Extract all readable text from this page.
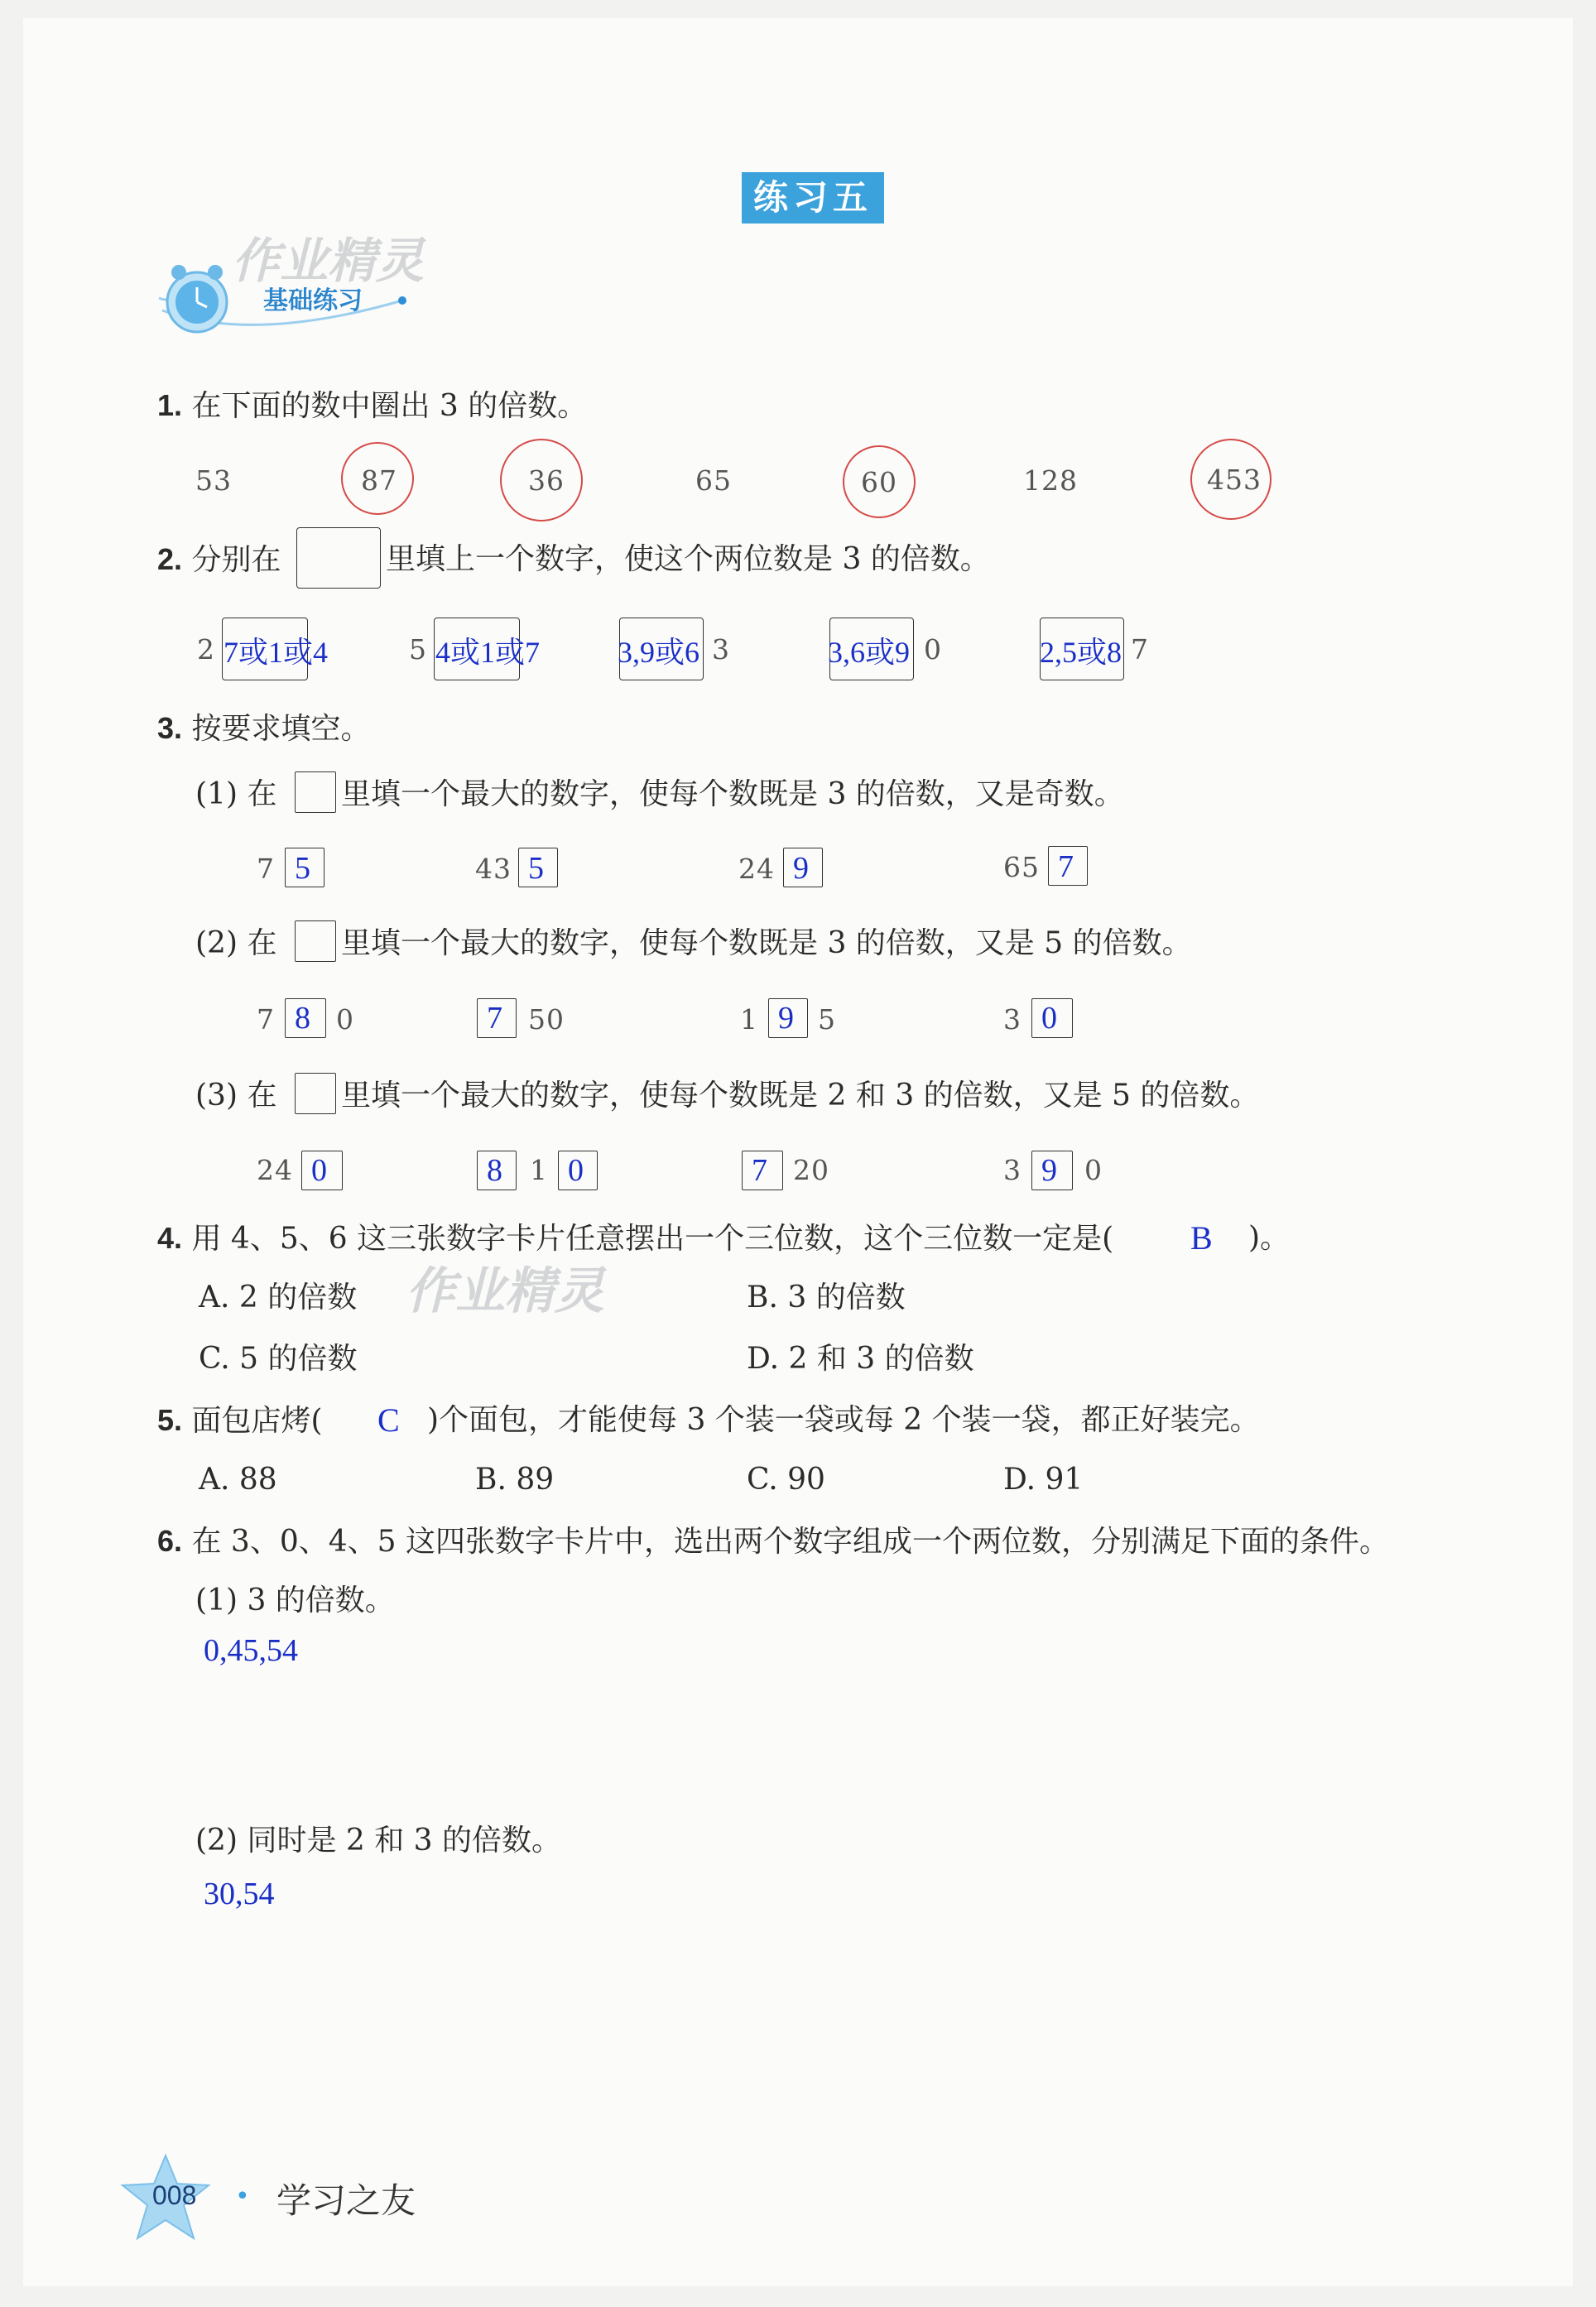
练习五
作业精灵
基础练习
1. 在下面的数中圈出 3 的倍数。
53	87	36	65	60	128	453
2. 分别在	里填上一个数字，使这个两位数是 3 的倍数。
2 7或1或4	5 4或1或7	3,9或6 3	3,6或9 0	2,5或8 7
3. 按要求填空。
(1) 在 里填一个最大的数字，使每个数既是 3 的倍数，又是奇数。
7 5	43 5	24 9	65 7
(2) 在 里填一个最大的数字，使每个数既是 3 的倍数，又是 5 的倍数。
7 8 0	7 50	1 9 5	3 0
(3) 在 里填一个最大的数字，使每个数既是 2 和 3 的倍数，又是 5 的倍数。
24 0	8 1 0	7 20	3 9 0
4. 用 4、5、6 这三张数字卡片任意摆出一个三位数，这个三位数一定是( B )。
A. 2 的倍数	B. 3 的倍数
C. 5 的倍数	D. 2 和 3 的倍数
作业精灵
5. 面包店烤( C )个面包，才能使每 3 个装一袋或每 2 个装一袋，都正好装完。
A. 88	B. 89	C. 90	D. 91
6. 在 3、0、4、5 这四张数字卡片中，选出两个数字组成一个两位数，分别满足下面的条件。
(1) 3 的倍数。
0,45,54
(2) 同时是 2 和 3 的倍数。
30,54
008 • 学习之友
